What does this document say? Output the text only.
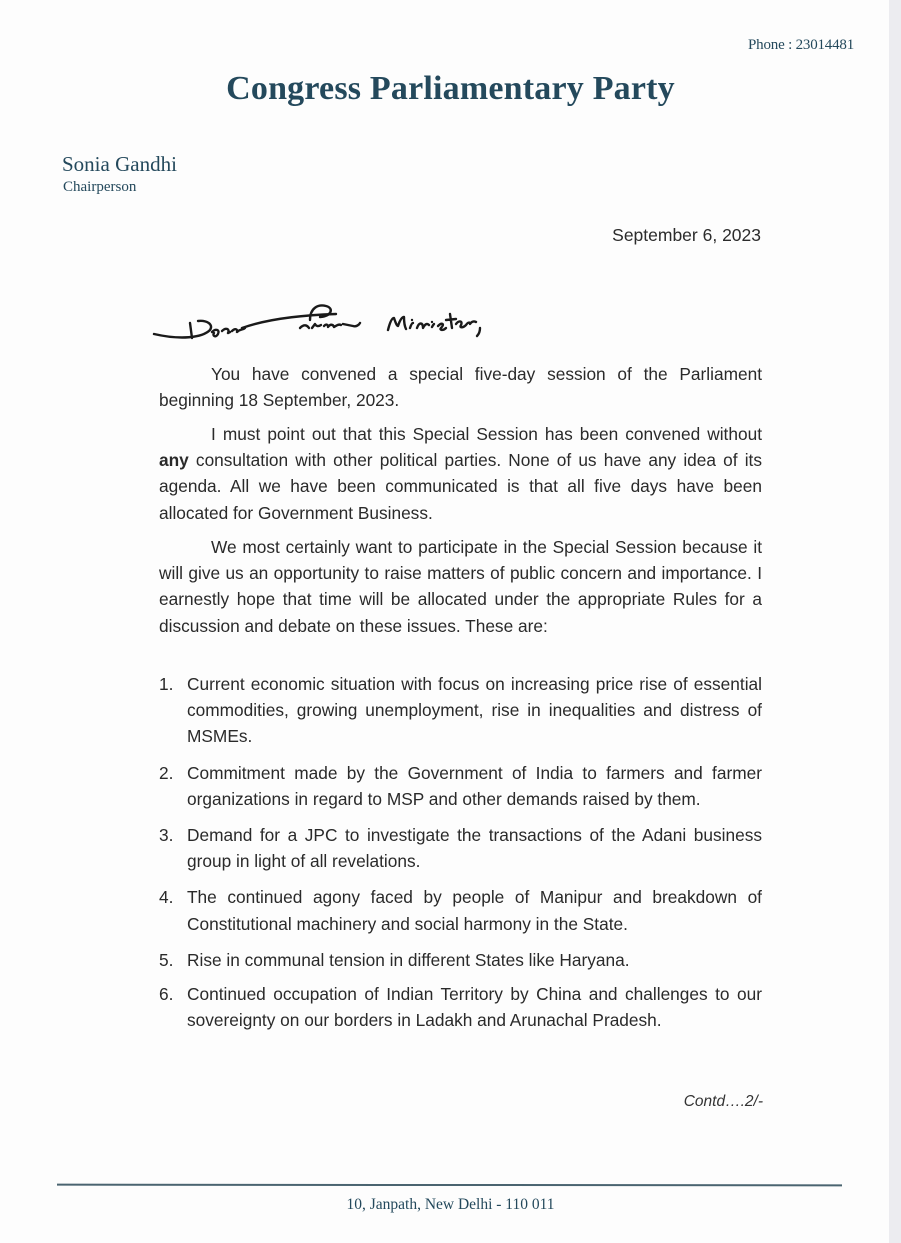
Phone : 23014481
Congress Parliamentary Party
Sonia Gandhi
Chairperson
September 6, 2023

You have convened a special five-day session of the Parliament beginning 18 September, 2023.

I must point out that this Special Session has been convened without any consultation with other political parties. None of us have any idea of its agenda. All we have been communicated is that all five days have been allocated for Government Business.

We most certainly want to participate in the Special Session because it will give us an opportunity to raise matters of public concern and importance. I earnestly hope that time will be allocated under the appropriate Rules for a discussion and debate on these issues. These are:

1. Current economic situation with focus on increasing price rise of essential commodities, growing unemployment, rise in inequalities and distress of MSMEs.
2. Commitment made by the Government of India to farmers and farmer organizations in regard to MSP and other demands raised by them.
3. Demand for a JPC to investigate the transactions of the Adani business group in light of all revelations.
4. The continued agony faced by people of Manipur and breakdown of Constitutional machinery and social harmony in the State.
5. Rise in communal tension in different States like Haryana.
6. Continued occupation of Indian Territory by China and challenges to our sovereignty on our borders in Ladakh and Arunachal Pradesh.
Contd….2/-
10, Janpath, New Delhi - 110 011
